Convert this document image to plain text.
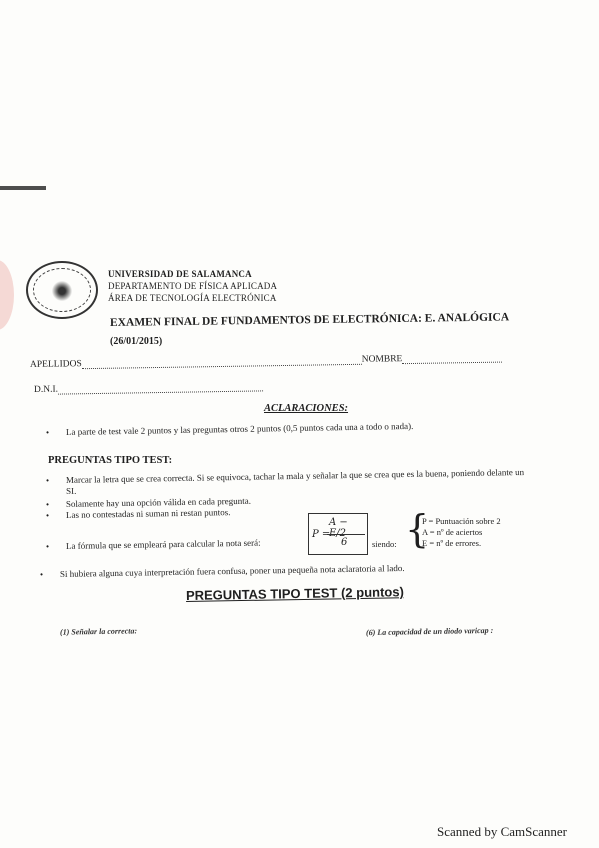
UNIVERSIDAD DE SALAMANCA
DEPARTAMENTO DE FÍSICA APLICADA
ÁREA DE TECNOLOGÍA ELECTRÓNICA
EXAMEN FINAL DE FUNDAMENTOS DE ELECTRÓNICA: E. ANALÓGICA
(26/01/2015)
APELLIDOS	NOMBRE
D.N.I.
ACLARACIONES:
• La parte de test vale 2 puntos y las preguntas otros 2 puntos (0,5 puntos cada una a todo o nada).
PREGUNTAS TIPO TEST:
• Marcar la letra que se crea correcta. Si se equivoca, tachar la mala y señalar la que se crea que es la buena, poniendo delante un SI.
• Solamente hay una opción válida en cada pregunta.
• Las no contestadas ni suman ni restan puntos.
• La fórmula que se empleará para calcular la nota será:
P =
A − E/2
6	siendo: {
P = Puntuación sobre 2
A = nº de aciertos
E = nº de errores.
• Si hubiera alguna cuya interpretación fuera confusa, poner una pequeña nota aclaratoria al lado.
PREGUNTAS TIPO TEST (2 puntos)
(1) Señalar la correcta:	(6) La capacidad de un diodo varicap :
Scanned by CamScanner
